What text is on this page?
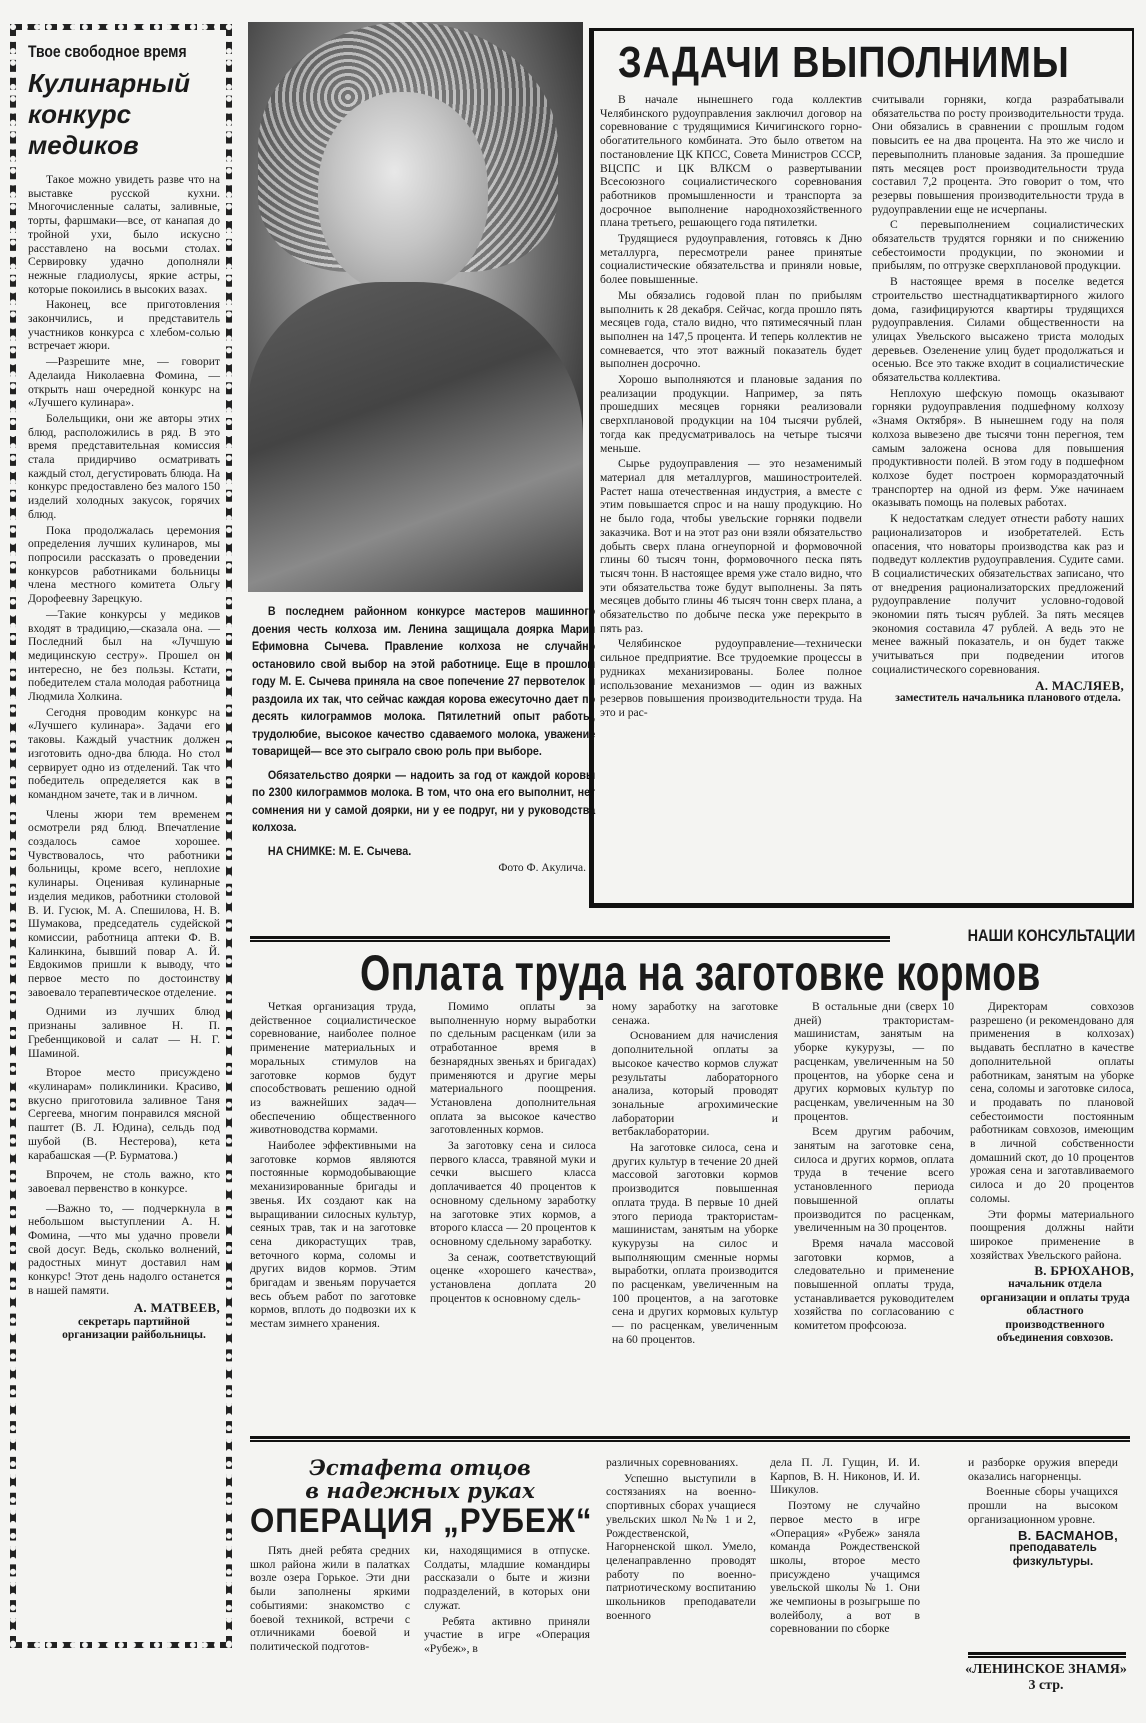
Твое свободное время
Кулинарный
конкурс
медиков

Такое можно увидеть разве что на выставке русской кухни. Многочисленные салаты, заливные, торты, фаршмаки—все, от канапая до тройной ухи, было искусно расставлено на восьми столах. Сервировку удачно дополняли нежные гладиолусы, яркие астры, которые покоились в высоких вазах.

Наконец, все приготовления закончились, и представитель участников конкурса с хлебом-солью встречает жюри.

—Разрешите мне, — говорит Аделаида Николаевна Фомина, — открыть наш очередной конкурс на «Лучшего кулинара».

Болельщики, они же авторы этих блюд, расположились в ряд. В это время представительная комиссия стала придирчиво осматривать каждый стол, дегустировать блюда. На конкурс предоставлено без малого 150 изделий холодных закусок, горячих блюд.

Пока продолжалась церемония определения лучших кулинаров, мы попросили рассказать о проведении конкурсов работниками больницы члена местного комитета Ольгу Дорофеевну Зарецкую.

—Такие конкурсы у медиков входят в традицию,—сказала она. —Последний был на «Лучшую медицинскую сестру». Прошел он интересно, не без пользы. Кстати, победителем стала молодая работница Людмила Холкина.

Сегодня проводим конкурс на «Лучшего кулинара». Задачи его таковы. Каждый участник должен изготовить одно-два блюда. Но стол сервирует одно из отделений. Так что победитель определяется как в командном зачете, так и в личном.

Члены жюри тем временем осмотрели ряд блюд. Впечатление создалось самое хорошее. Чувствовалось, что работники больницы, кроме всего, неплохие кулинары. Оценивая кулинарные изделия медиков, работники столовой В. И. Гусюк, М. А. Спешилова, Н. В. Шумакова, председатель судейской комиссии, работница аптеки Ф. В. Калинкина, бывший повар А. Й. Евдокимов пришли к выводу, что первое место по достоинству завоевало терапевтическое отделение.

Одними из лучших блюд признаны заливное Н. П. Гребенщиковой и салат — Н. Г. Шаминой.

Второе место присуждено «кулинарам» поликлиники. Красиво, вкусно приготовила заливное Таня Сергеева, многим понравился мясной паштет (В. Л. Юдина), сельдь под шубой (В. Нестерова), кета карабашская —(Р. Бурматова.)

Впрочем, не столь важно, кто завоевал первенство в конкурсе.

—Важно то, — подчеркнула в небольшом выступлении А. Н. Фомина, —что мы удачно провели свой досуг. Ведь, сколько волнений, радостных минут доставил нам конкурс! Этот день надолго останется в нашей памяти.

А. МАТВЕЕВ,
секретарь партийной организации райбольницы.

В последнем районном конкурсе мастеров машинного доения честь колхоза им. Ленина защищала доярка Мария Ефимовна Сычева. Правление колхоза не случайно остановило свой выбор на этой работнице. Еще в прошлом году М. Е. Сычева приняла на свое попечение 27 первотелок и раздоила их так, что сейчас каждая корова ежесуточно дает по десять килограммов молока. Пятилетний опыт работы, трудолюбие, высокое качество сдаваемого молока, уважение товарищей— все это сыграло свою роль при выборе.

Обязательство доярки — надоить за год от каждой коровы по 2300 килограммов молока. В том, что она его выполнит, нет сомнения ни у самой доярки, ни у ее подруг, ни у руководства колхоза.

НА СНИМКЕ: М. Е. Сычева.
Фото Ф. Акулича.
ЗАДАЧИ ВЫПОЛНИМЫ

В начале нынешнего года коллектив Челябинского рудоуправления заключил договор на соревнование с трудящимися Кичигинского горно-обогатительного комбината. Это было ответом на постановление ЦК КПСС, Совета Министров СССР, ВЦСПС и ЦК ВЛКСМ о развертывании Всесоюзного социалистического соревнования работников промышленности и транспорта за досрочное выполнение народнохозяйственного плана третьего, решающего года пятилетки.

Трудящиеся рудоуправления, готовясь к Дню металлурга, пересмотрели ранее принятые социалистические обязательства и приняли новые, более повышенные.

Мы обязались годовой план по прибылям выполнить к 28 декабря. Сейчас, когда прошло пять месяцев года, стало видно, что пятимесячный план выполнен на 147,5 процента. И теперь коллектив не сомневается, что этот важный показатель будет выполнен досрочно.

Хорошо выполняются и плановые задания по реализации продукции. Например, за пять прошедших месяцев горняки реализовали сверхплановой продукции на 104 тысячи рублей, тогда как предусматривалось на четыре тысячи меньше.

Сырье рудоуправления — это незаменимый материал для металлургов, машиностроителей. Растет наша отечественная индустрия, а вместе с этим повышается спрос и на нашу продукцию. Но не было года, чтобы увельские горняки подвели заказчика. Вот и на этот раз они взяли обязательство добыть сверх плана огнеупорной и формовочной глины 60 тысяч тонн, формовочного песка пять тысяч тонн. В настоящее время уже стало видно, что эти обязательства тоже будут выполнены. За пять месяцев добыто глины 46 тысяч тонн сверх плана, а обязательство по добыче песка уже перекрыто в пять раз.

Челябинское рудоуправление—технически сильное предприятие. Все трудоемкие процессы в рудниках механизированы. Более полное использование механизмов — один из важных резервов повышения производительности труда. На это и рас-

считывали горняки, когда разрабатывали обязательства по росту производительности труда. Они обязались в сравнении с прошлым годом повысить ее на два процента. На это же число и перевыполнить плановые задания. За прошедшие пять месяцев рост производительности труда составил 7,2 процента. Это говорит о том, что резервы повышения производительности труда в рудоуправлении еще не исчерпаны.

С перевыполнением социалистических обязательств трудятся горняки и по снижению себестоимости продукции, по экономии и прибылям, по отгрузке сверхплановой продукции.

В настоящее время в поселке ведется строительство шестнадцатиквартирного жилого дома, газифицируются квартиры трудящихся рудоуправления. Силами общественности на улицах Увельского высажено триста молодых деревьев. Озеленение улиц будет продолжаться и осенью. Все это также входит в социалистические обязательства коллектива.

Неплохую шефскую помощь оказывают горняки рудоуправления подшефному колхозу «Знамя Октября». В нынешнем году на поля колхоза вывезено две тысячи тонн перегноя, тем самым заложена основа для повышения продуктивности полей. В этом году в подшефном колхозе будет построен кормораздаточный транспортер на одной из ферм. Уже начинаем оказывать помощь на полевых работах.

К недостаткам следует отнести работу наших рационализаторов и изобретателей. Есть опасения, что новаторы производства как раз и подведут коллектив рудоуправления. Судите сами. В социалистических обязательствах записано, что от внедрения рационализаторских предложений рудоуправление получит условно-годовой экономии пять тысяч рублей. За пять месяцев экономия составила 47 рублей. А ведь это не менее важный показатель, и он будет также учитываться при подведении итогов социалистического соревнования.

А. МАСЛЯЕВ,
заместитель начальника планового отдела.
НАШИ КОНСУЛЬТАЦИИ
Оплата труда на заготовке кормов

Четкая организация труда, действенное социалистическое соревнование, наиболее полное применение материальных и моральных стимулов на заготовке кормов будут способствовать решению одной из важнейших задач—обеспечению общественного животноводства кормами.

Наиболее эффективными на заготовке кормов являются постоянные кормодобывающие механизированные бригады и звенья. Их создают как на выращивании силосных культур, сеяных трав, так и на заготовке сена дикорастущих трав, веточного корма, соломы и других видов кормов. Этим бригадам и звеньям поручается весь объем работ по заготовке кормов, вплоть до подвозки их к местам зимнего хранения.

Помимо оплаты за выполненную норму выработки по сдельным расценкам (или за отработанное время в безнарядных звеньях и бригадах) применяются и другие меры материального поощрения. Установлена дополнительная оплата за высокое качество заготовленных кормов.

За заготовку сена и силоса первого класса, травяной муки и сечки высшего класса доплачивается 40 процентов к основному сдельному заработку на заготовке этих кормов, а второго класса — 20 процентов к основному сдельному заработку.

За сенаж, соответствующий оценке «хорошего качества», установлена доплата 20 процентов к основному сдель-

ному заработку на заготовке сенажа.

Основанием для начисления дополнительной оплаты за высокое качество кормов служат результаты лабораторного анализа, который проводят зональные агрохимические лаборатории и ветбаклаборатории.

На заготовке силоса, сена и других культур в течение 20 дней массовой заготовки кормов производится повышенная оплата труда. В первые 10 дней этого периода трактористам-машинистам, занятым на уборке кукурузы на силос и выполняющим сменные нормы выработки, оплата производится по расценкам, увеличенным на 100 процентов, а на заготовке сена и других кормовых культур — по расценкам, увеличенным на 60 процентов.

В остальные дни (сверх 10 дней) трактористам-машинистам, занятым на уборке кукурузы, — по расценкам, увеличенным на 50 процентов, на уборке сена и других кормовых культур по расценкам, увеличенным на 30 процентов.

Всем другим рабочим, занятым на заготовке сена, силоса и других кормов, оплата труда в течение всего установленного периода повышенной оплаты производится по расценкам, увеличенным на 30 процентов.

Время начала массовой заготовки кормов, а следовательно и применение повышенной оплаты труда, устанавливается руководителем хозяйства по согласованию с комитетом профсоюза.

Директорам совхозов разрешено (и рекомендовано для применения в колхозах) выдавать бесплатно в качестве дополнительной оплаты работникам, занятым на уборке сена, соломы и заготовке силоса, и продавать по плановой себестоимости постоянным работникам совхозов, имеющим в личной собственности домашний скот, до 10 процентов урожая сена и заготавливаемого силоса и до 20 процентов соломы.

Эти формы материального поощрения должны найти широкое применение в хозяйствах Увельского района.

В. БРЮХАНОВ,
начальник отдела организации и оплаты труда областного производственного объединения совхозов.
Эстафета отцов
в надежных руках
ОПЕРАЦИЯ „РУБЕЖ“

Пять дней ребята средних школ района жили в палатках возле озера Горькое. Эти дни были заполнены яркими событиями: знакомство с боевой техникой, встречи с отличниками боевой и политической подготов-

ки, находящимися в отпуске. Солдаты, младшие командиры рассказали о быте и жизни подразделений, в которых они служат.

Ребята активно приняли участие в игре «Операция «Рубеж», в

различных соревнованиях.

Успешно выступили в состязаниях на военно-спортивных сборах учащиеся увельских школ №№ 1 и 2, Рождественской, Нагорненской школ. Умело, целенаправленно проводят работу по военно-патриотическому воспитанию школьников преподаватели военного

дела П. Л. Гущин, И. И. Карпов, В. Н. Никонов, И. И. Шикулов.

Поэтому не случайно первое место в игре «Операция» «Рубеж» заняла команда Рождественской школы, второе место присуждено учащимся увельской школы № 1. Они же чемпионы в розыгрыше по волейболу, а вот в соревновании по сборке

и разборке оружия впереди оказались нагорненцы.

Военные сборы учащихся прошли на высоком организационном уровне.

В. БАСМАНОВ,
преподаватель физкультуры.
«ЛЕНИНСКОЕ ЗНАМЯ»
3 стр.
